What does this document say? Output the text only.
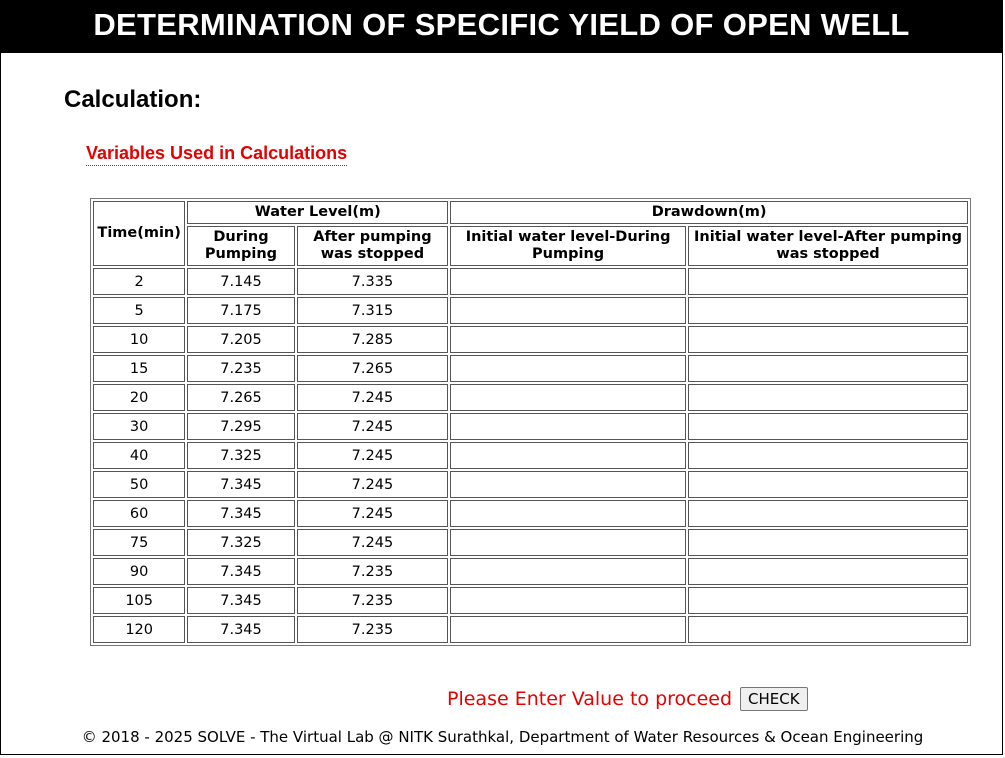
DETERMINATION OF SPECIFIC YIELD OF OPEN WELL
Calculation:
Variables Used in Calculations
Time(min)	Water Level(m)		Drawdown(m)	
	During Pumping	After pumping was stopped	Initial water level-During Pumping	Initial water level-After pumping was stopped
2	7.145	7.335		
5	7.175	7.315		
10	7.205	7.285		
15	7.235	7.265		
20	7.265	7.245		
30	7.295	7.245		
40	7.325	7.245		
50	7.345	7.245		
60	7.345	7.245		
75	7.325	7.245		
90	7.345	7.235		
105	7.345	7.235		
120	7.345	7.235		
Please Enter Value to proceed	CHECK
© 2018 - 2025 SOLVE - The Virtual Lab @ NITK Surathkal, Department of Water Resources & Ocean Engineering
